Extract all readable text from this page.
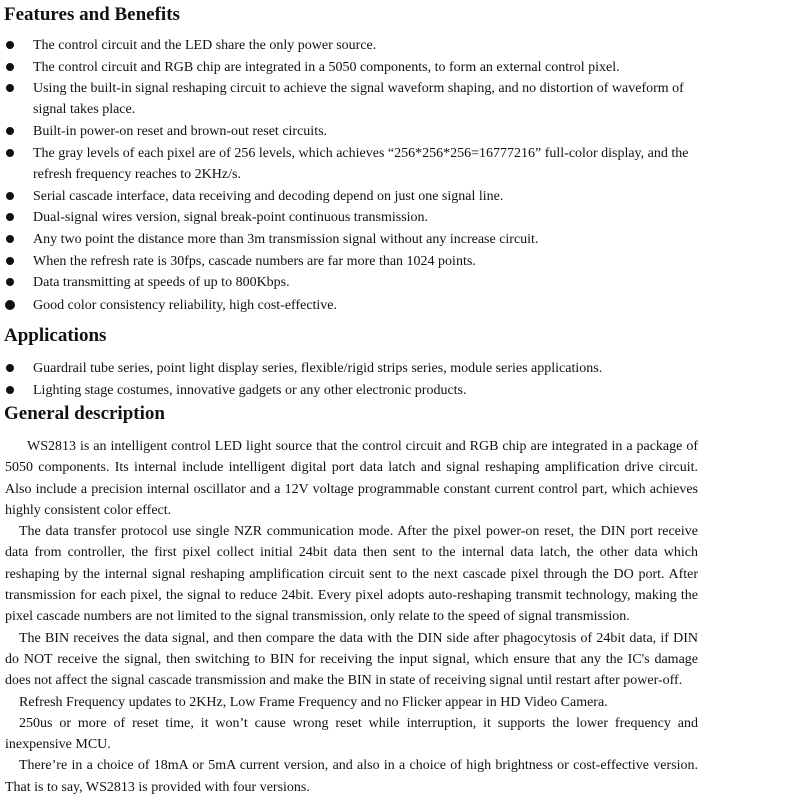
Features and Benefits
The control circuit and the LED share the only power source.
The control circuit and RGB chip are integrated in a 5050 components, to form an external control pixel.
Using the built-in signal reshaping circuit to achieve the signal waveform shaping, and no distortion of waveform of signal takes place.
Built-in power-on reset and brown-out reset circuits.
The gray levels of each pixel are of 256 levels, which achieves “256*256*256=16777216” full-color display, and the refresh frequency reaches to 2KHz/s.
Serial cascade interface, data receiving and decoding depend on just one signal line.
Dual-signal wires version, signal break-point continuous transmission.
Any two point the distance more than 3m transmission signal without any increase circuit.
When the refresh rate is 30fps, cascade numbers are far more than 1024 points.
Data transmitting at speeds of up to 800Kbps.
Good color consistency reliability, high cost-effective.
Applications
Guardrail tube series, point light display series, flexible/rigid strips series, module series applications.
Lighting stage costumes, innovative gadgets or any other electronic products.
General description

WS2813 is an intelligent control LED light source that the control circuit and RGB chip are integrated in a package of 5050 components. Its internal include intelligent digital port data latch and signal reshaping amplification drive circuit. Also include a precision internal oscillator and a 12V voltage programmable constant current control part, which achieves highly consistent color effect.

The data transfer protocol use single NZR communication mode. After the pixel power-on reset, the DIN port receive data from controller, the first pixel collect initial 24bit data then sent to the internal data latch, the other data which reshaping by the internal signal reshaping amplification circuit sent to the next cascade pixel through the DO port. After transmission for each pixel, the signal to reduce 24bit. Every pixel adopts auto-reshaping transmit technology, making the pixel cascade numbers are not limited to the signal transmission, only relate to the speed of signal transmission.

The BIN receives the data signal, and then compare the data with the DIN side after phagocytosis of 24bit data, if DIN do NOT receive the signal, then switching to BIN for receiving the input signal, which ensure that any the IC's damage does not affect the signal cascade transmission and make the BIN in state of receiving signal until restart after power-off.

Refresh Frequency updates to 2KHz, Low Frame Frequency and no Flicker appear in HD Video Camera.

250us or more of reset time, it won’t cause wrong reset while interruption, it supports the lower frequency and inexpensive MCU.

There’re in a choice of 18mA or 5mA current version, and also in a choice of high brightness or cost-effective version. That is to say, WS2813 is provided with four versions.
